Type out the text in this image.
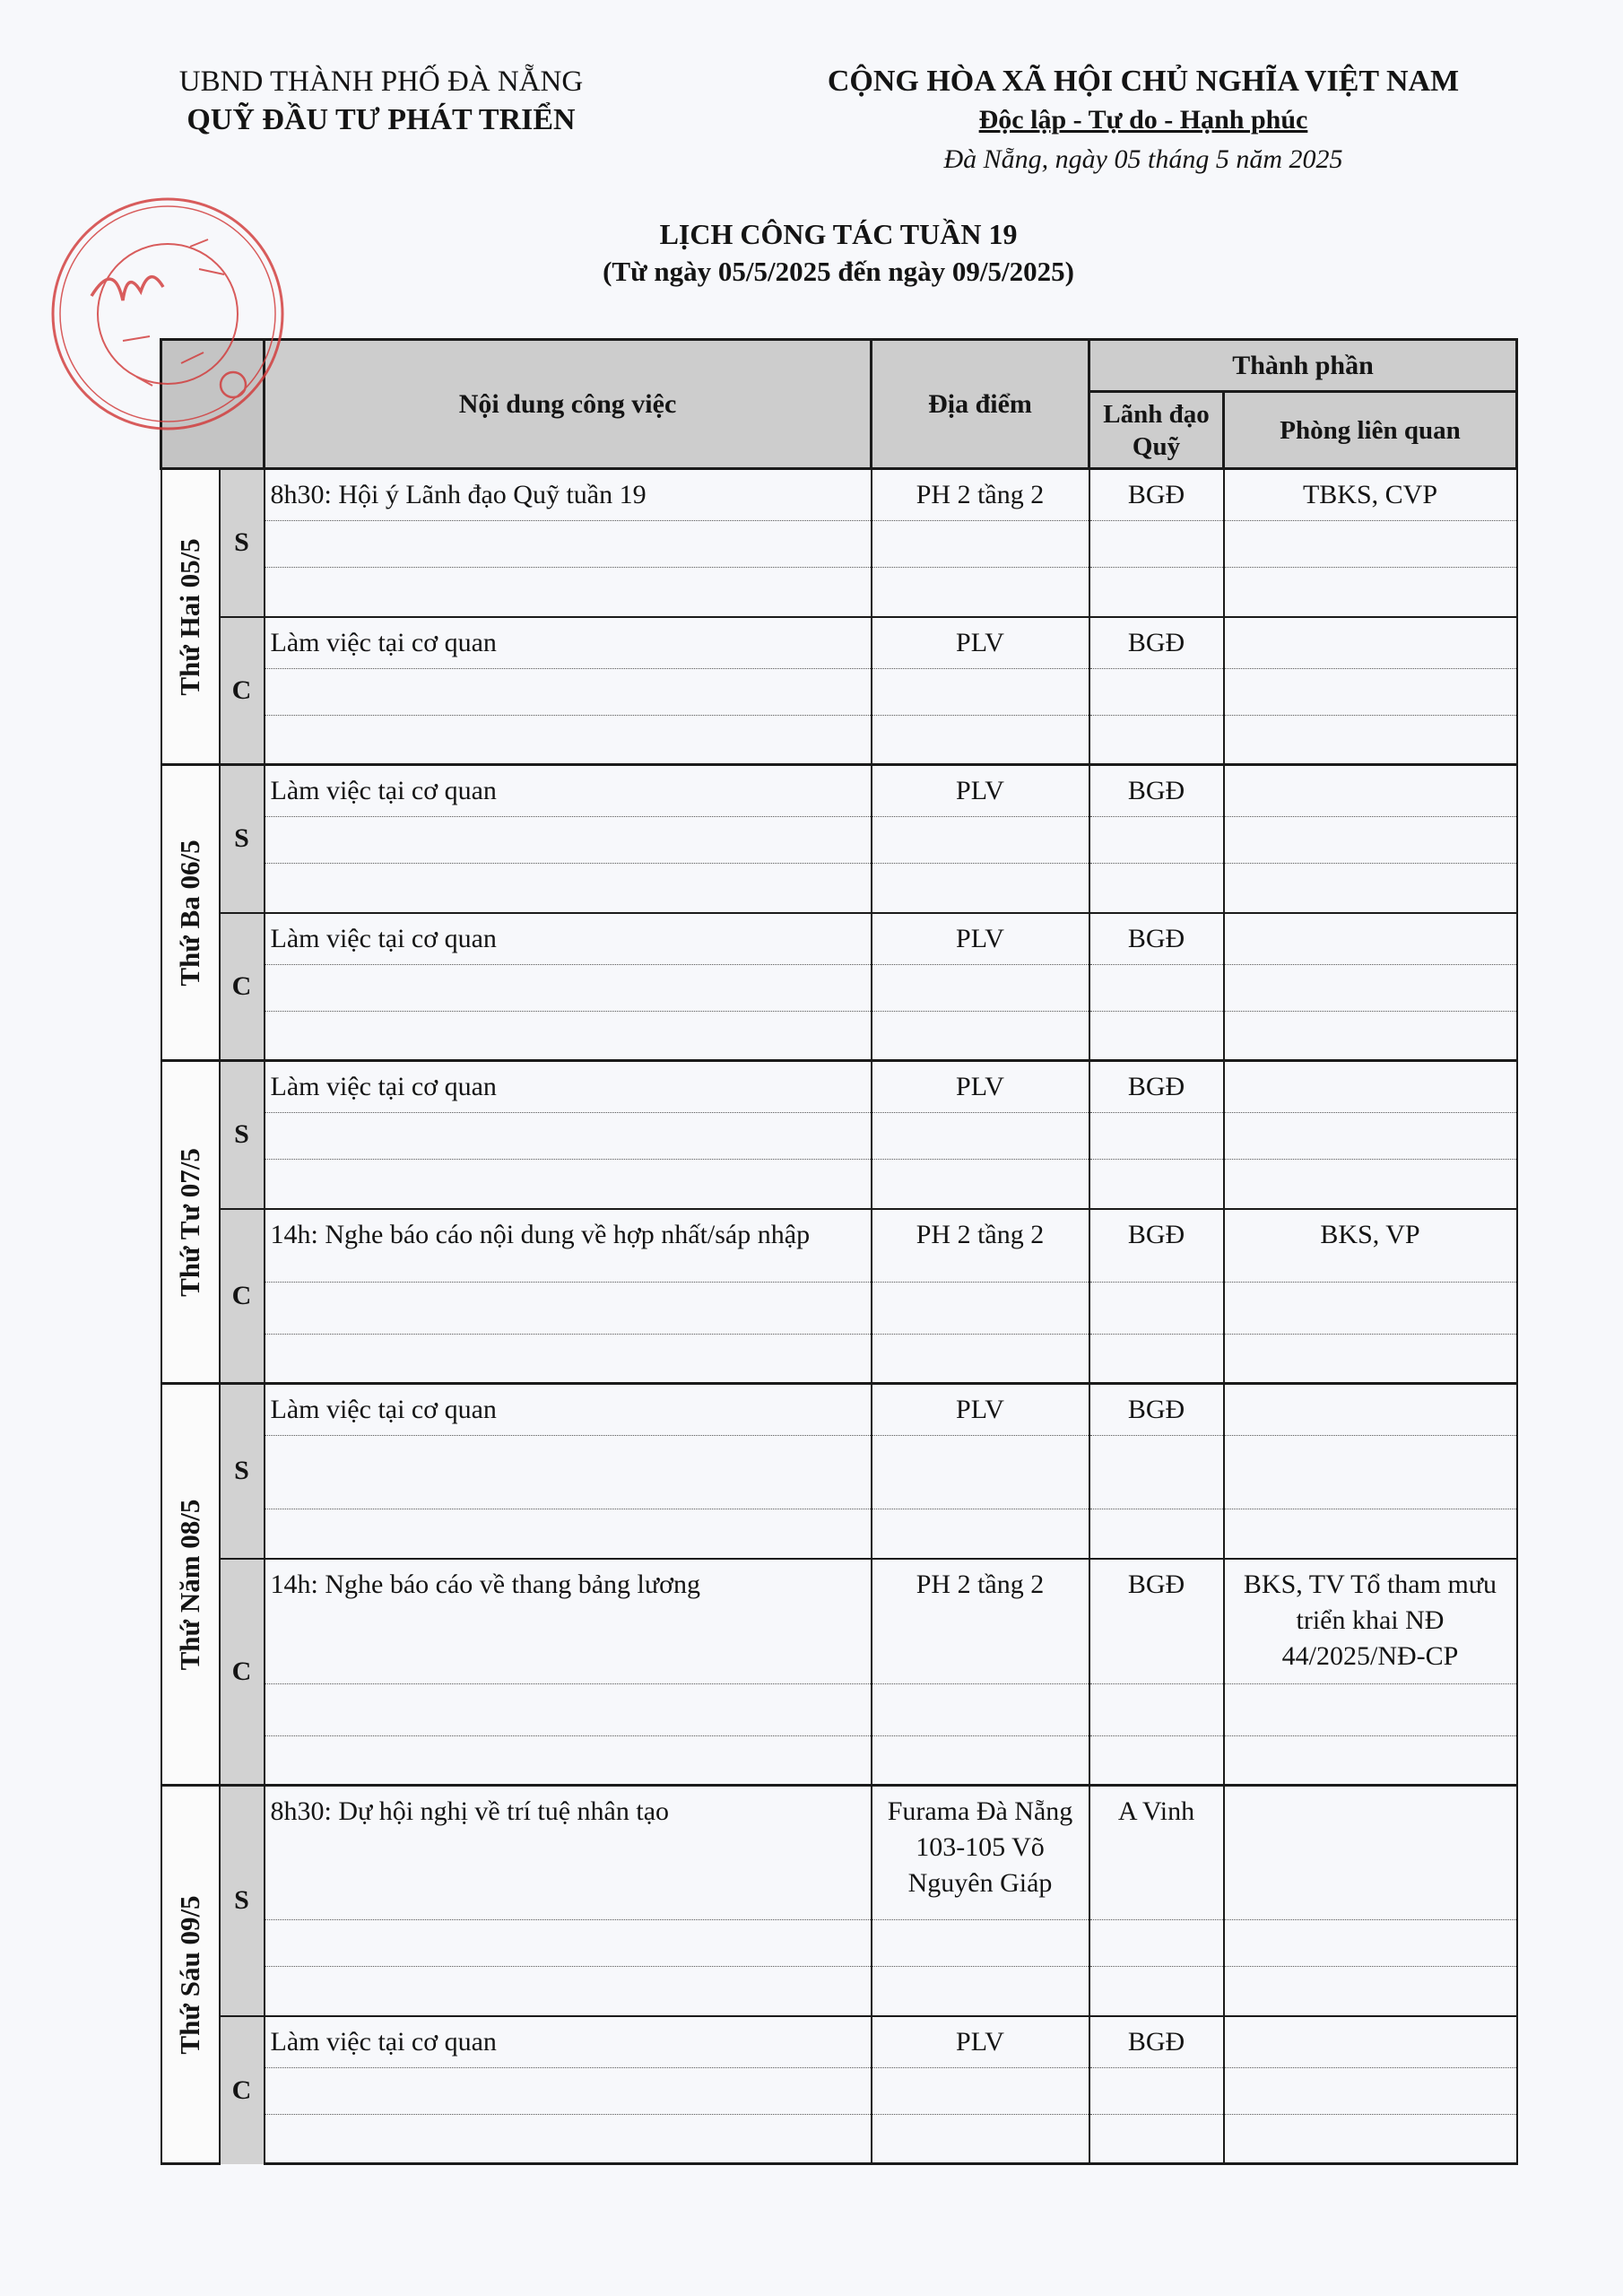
UBND THÀNH PHỐ ĐÀ NẴNG
QUỸ ĐẦU TƯ PHÁT TRIỂN
CỘNG HÒA XÃ HỘI CHỦ NGHĨA VIỆT NAM
Độc lập - Tự do - Hạnh phúc
Đà Nẵng, ngày 05 tháng 5 năm 2025
LỊCH CÔNG TÁC TUẦN 19
(Từ ngày 05/5/2025 đến ngày 09/5/2025)
		Nội dung công việc	Địa điểm	Thành phần	
				Lãnh đạo Quỹ	Phòng liên quan

Thứ Hai 05/5	S	8h30: Hội ý Lãnh đạo Quỹ tuần 19	PH 2 tầng 2	BGĐ	TBKS, CVP

	C	Làm việc tại cơ quan	PLV	BGĐ	

Thứ Ba 06/5	S	Làm việc tại cơ quan	PLV	BGĐ	

	C	Làm việc tại cơ quan	PLV	BGĐ	

Thứ Tư 07/5	S	Làm việc tại cơ quan	PLV	BGĐ	

	C	14h: Nghe báo cáo nội dung về hợp nhất/sáp nhập	PH 2 tầng 2	BGĐ	BKS, VP

Thứ Năm 08/5	S	Làm việc tại cơ quan	PLV	BGĐ	

	C	14h: Nghe báo cáo về thang bảng lương	PH 2 tầng 2	BGĐ	BKS, TV Tổ tham mưu triển khai NĐ 44/2025/NĐ-CP

Thứ Sáu 09/5	S	8h30: Dự hội nghị về trí tuệ nhân tạo	Furama Đà Nẵng 103-105 Võ Nguyên Giáp	A Vinh	

	C	Làm việc tại cơ quan	PLV	BGĐ	
